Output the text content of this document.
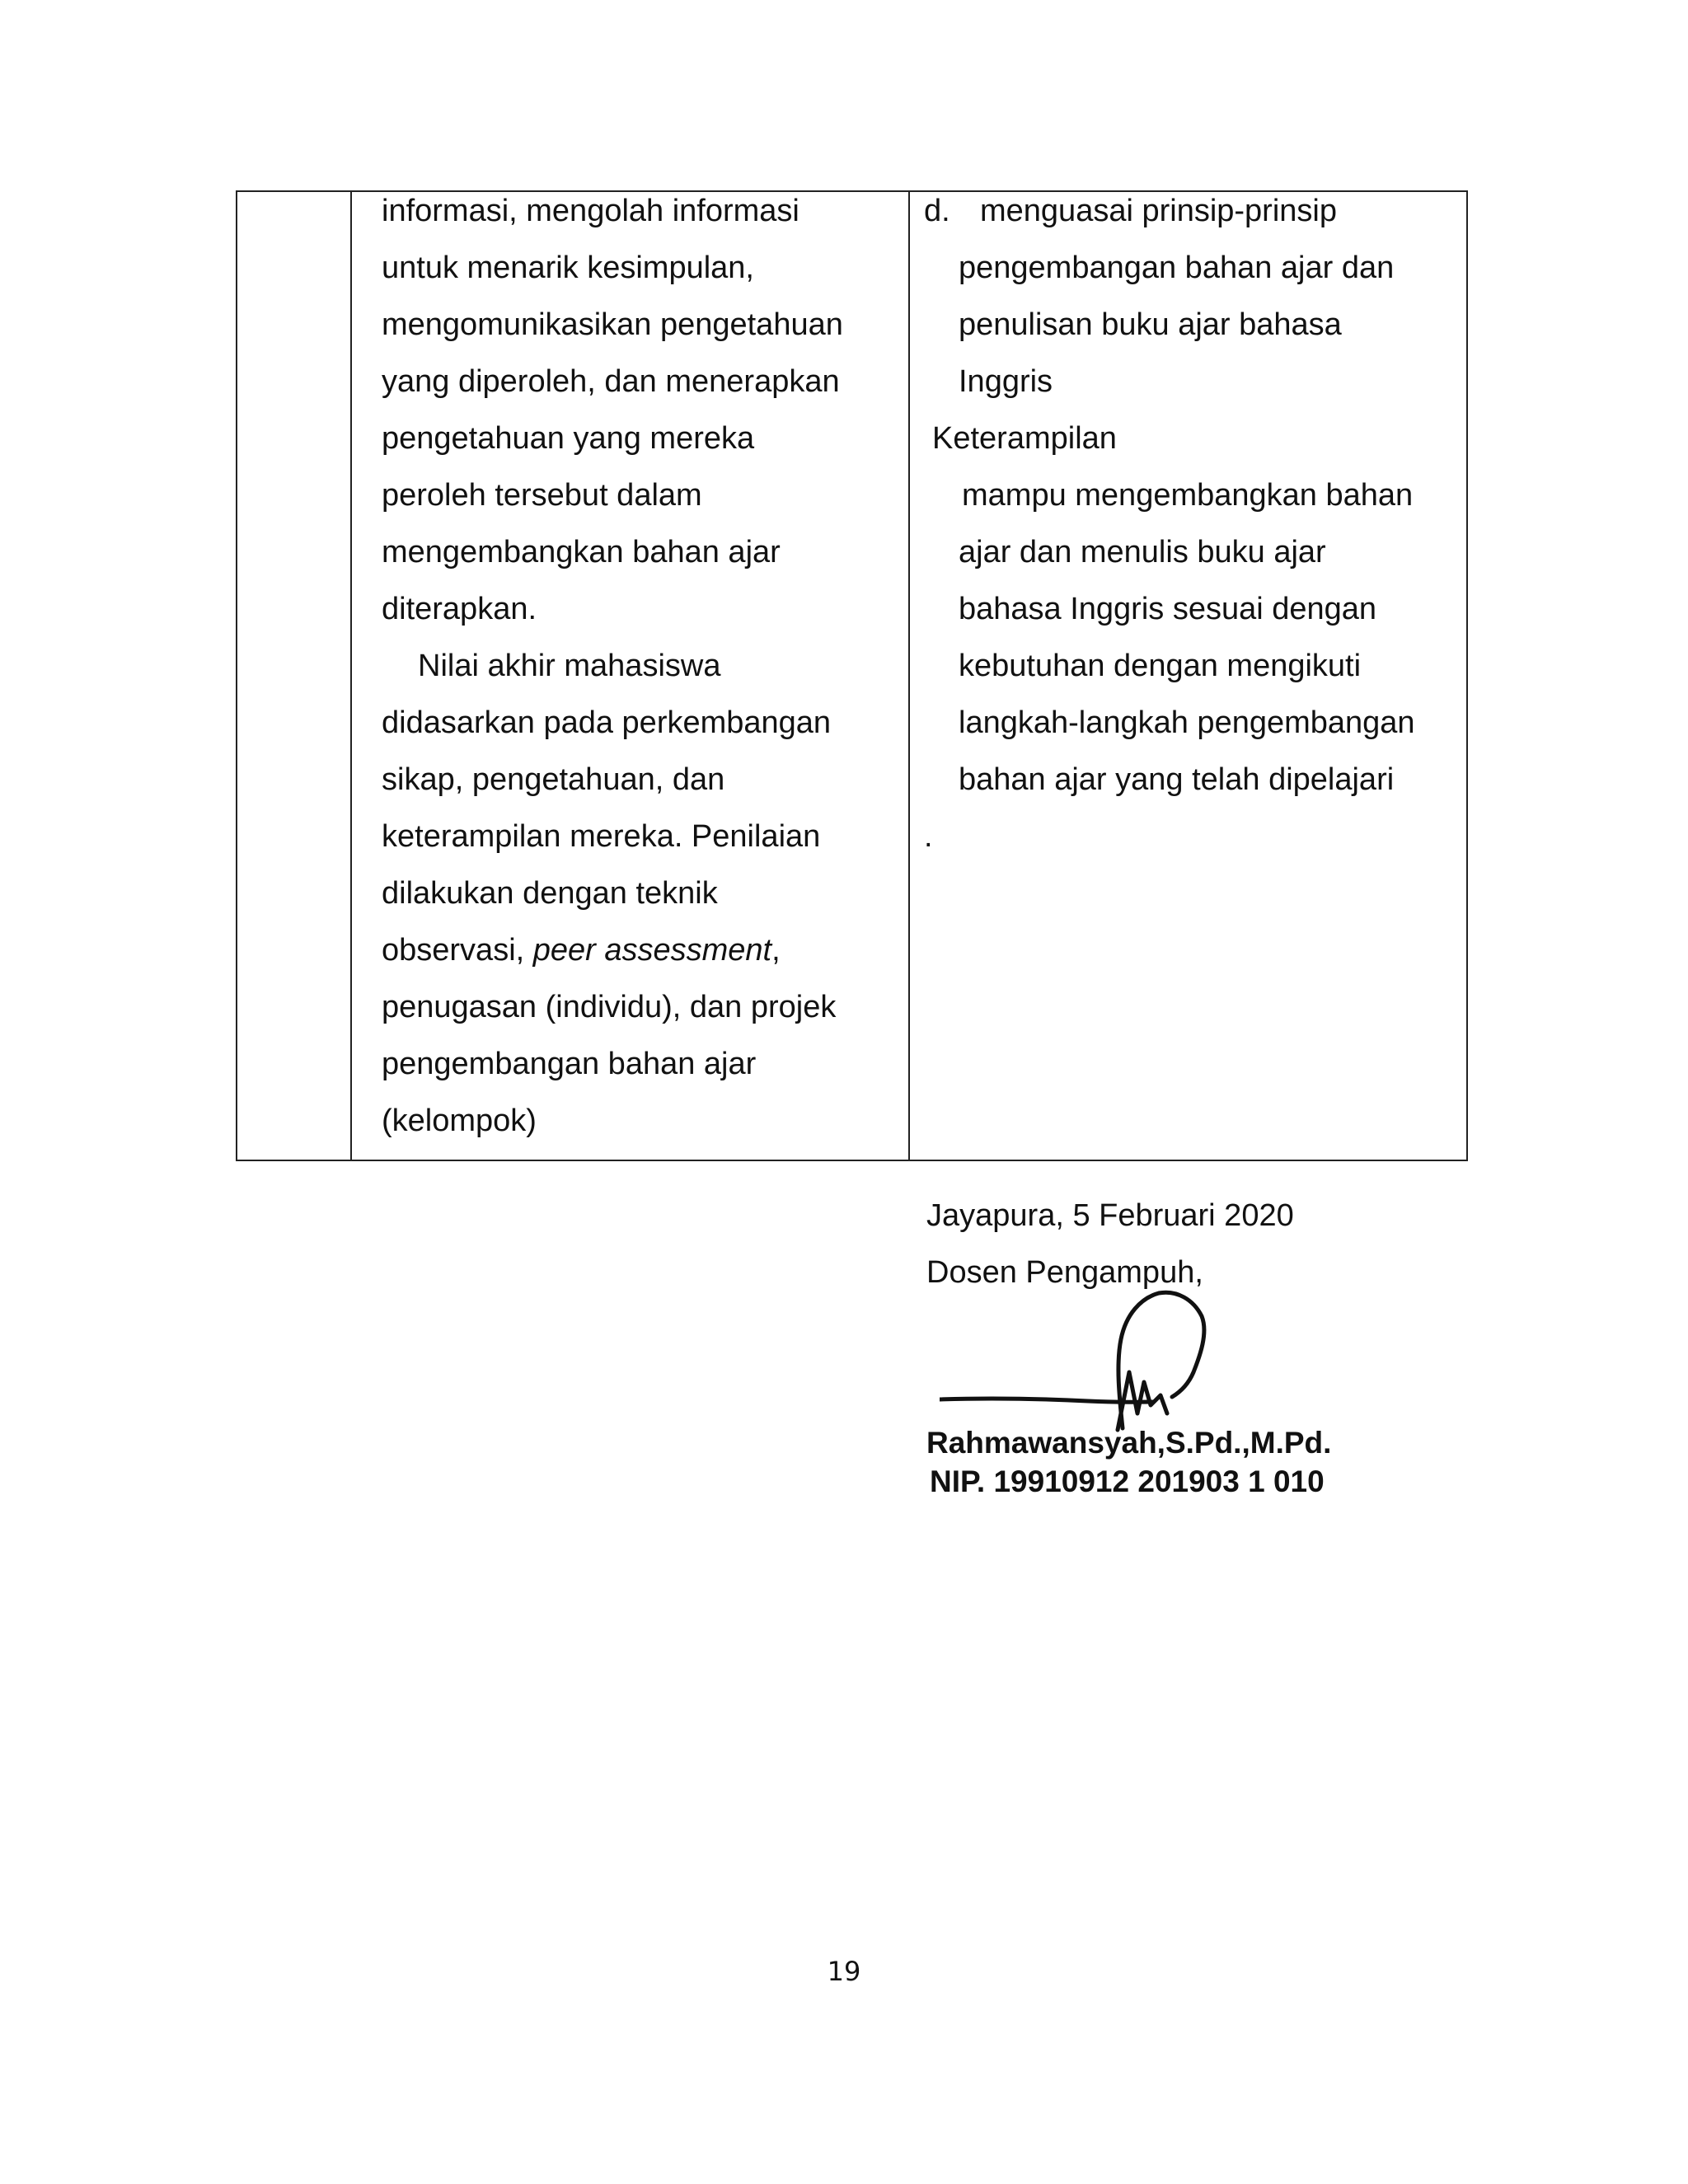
informasi, mengolah informasi
untuk menarik kesimpulan,
mengomunikasikan pengetahuan
yang diperoleh, dan menerapkan
pengetahuan yang mereka
peroleh tersebut dalam
mengembangkan bahan ajar
diterapkan.
Nilai akhir mahasiswa
didasarkan pada perkembangan
sikap, pengetahuan, dan
keterampilan mereka. Penilaian
dilakukan dengan teknik
observasi, peer assessment,
penugasan (individu), dan projek
pengembangan bahan ajar
(kelompok)
d. menguasai prinsip-prinsip
pengembangan bahan ajar dan
penulisan buku ajar bahasa
Inggris
Keterampilan
mampu mengembangkan bahan
ajar dan menulis buku ajar
bahasa Inggris sesuai dengan
kebutuhan dengan mengikuti
langkah-langkah pengembangan
bahan ajar yang telah dipelajari
.
Jayapura, 5 Februari 2020
Dosen Pengampuh,
Rahmawansyah,S.Pd.,M.Pd.
NIP. 19910912 201903 1 010
19
